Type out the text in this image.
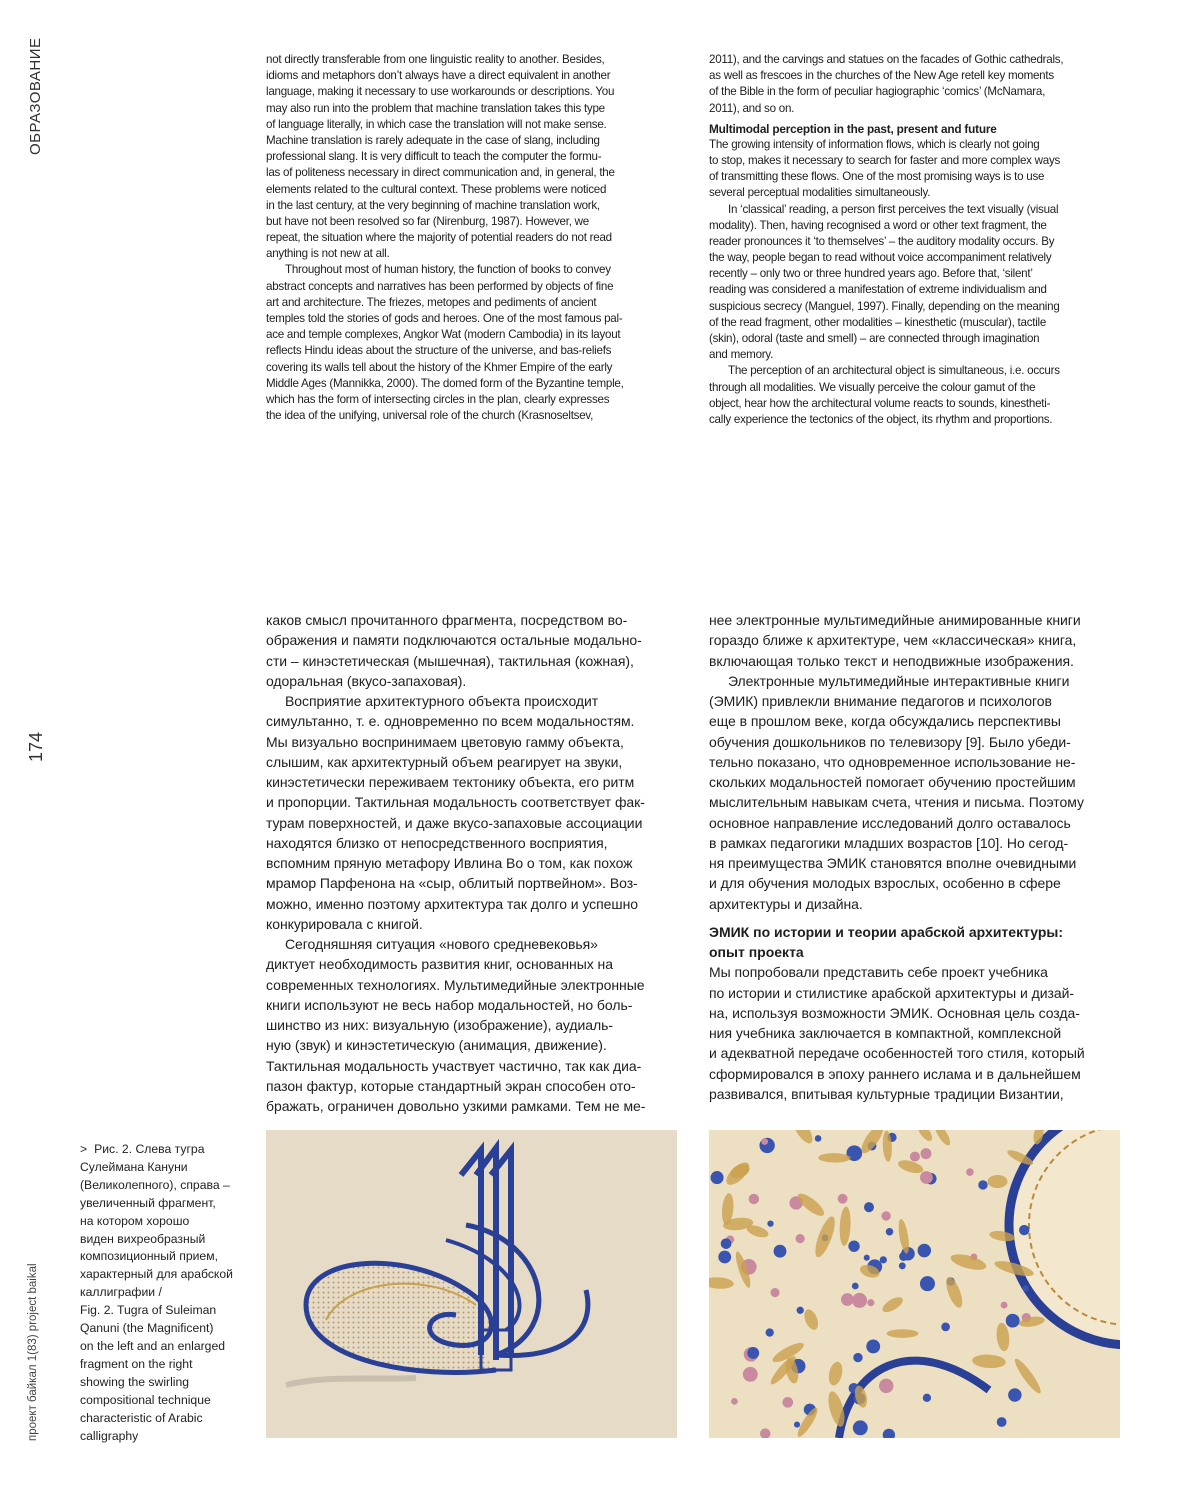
ОБРАЗОВАНИЕ
174
проект байкал 1(83) project baikal
not directly transferable from one linguistic reality to another. Besides,
idioms and metaphors don’t always have a direct equivalent in another
language, making it necessary to use workarounds or descriptions. You
may also run into the problem that machine translation takes this type
of language literally, in which case the translation will not make sense.
Machine translation is rarely adequate in the case of slang, including
professional slang. It is very difficult to teach the computer the formu-
las of politeness necessary in direct communication and, in general, the
elements related to the cultural context. These problems were noticed
in the last century, at the very beginning of machine translation work,
but have not been resolved so far (Nirenburg, 1987). However, we
repeat, the situation where the majority of potential readers do not read
anything is not new at all.
Throughout most of human history, the function of books to convey
abstract concepts and narratives has been performed by objects of fine
art and architecture. The friezes, metopes and pediments of ancient
temples told the stories of gods and heroes. One of the most famous pal-
ace and temple complexes, Angkor Wat (modern Cambodia) in its layout
reflects Hindu ideas about the structure of the universe, and bas-reliefs
covering its walls tell about the history of the Khmer Empire of the early
Middle Ages (Mannikka, 2000). The domed form of the Byzantine temple,
which has the form of intersecting circles in the plan, clearly expresses
the idea of the unifying, universal role of the church (Krasnoseltsev,
2011), and the carvings and statues on the facades of Gothic cathedrals,
as well as frescoes in the churches of the New Age retell key moments
of the Bible in the form of peculiar hagiographic ‘comics’ (McNamara,
2011), and so on.
Multimodal perception in the past, present and future
The growing intensity of information flows, which is clearly not going
to stop, makes it necessary to search for faster and more complex ways
of transmitting these flows. One of the most promising ways is to use
several perceptual modalities simultaneously.
In ‘classical’ reading, a person first perceives the text visually (visual
modality). Then, having recognised a word or other text fragment, the
reader pronounces it ‘to themselves’ – the auditory modality occurs. By
the way, people began to read without voice accompaniment relatively
recently – only two or three hundred years ago. Before that, ‘silent’
reading was considered a manifestation of extreme individualism and
suspicious secrecy (Manguel, 1997). Finally, depending on the meaning
of the read fragment, other modalities – kinesthetic (muscular), tactile
(skin), odoral (taste and smell) – are connected through imagination
and memory.
The perception of an architectural object is simultaneous, i.e. occurs
through all modalities. We visually perceive the colour gamut of the
object, hear how the architectural volume reacts to sounds, kinestheti-
cally experience the tectonics of the object, its rhythm and proportions.
каков смысл прочитанного фрагмента, посредством во-
ображения и памяти подключаются остальные модально-
сти – кинэстетическая (мышечная), тактильная (кожная),
одоральная (вкусо-запаховая).
Восприятие архитектурного объекта происходит
симультанно, т. е. одновременно по всем модальностям.
Мы визуально воспринимаем цветовую гамму объекта,
слышим, как архитектурный объем реагирует на звуки,
кинэстетически переживаем тектонику объекта, его ритм
и пропорции. Тактильная модальность соответствует фак-
турам поверхностей, и даже вкусо-запаховые ассоциации
находятся близко от непосредственного восприятия,
вспомним пряную метафору Ивлина Во о том, как похож
мрамор Парфенона на «сыр, облитый портвейном». Воз-
можно, именно поэтому архитектура так долго и успешно
конкурировала с книгой.
Сегодняшняя ситуация «нового средневековья»
диктует необходимость развития книг, основанных на
современных технологиях. Мультимедийные электронные
книги используют не весь набор модальностей, но боль-
шинство из них: визуальную (изображение), аудиаль-
ную (звук) и кинэстетическую (анимация, движение).
Тактильная модальность участвует частично, так как диа-
пазон фактур, которые стандартный экран способен ото-
бражать, ограничен довольно узкими рамками. Тем не ме-
нее электронные мультимедийные анимированные книги
гораздо ближе к архитектуре, чем «классическая» книга,
включающая только текст и неподвижные изображения.
Электронные мультимедийные интерактивные книги
(ЭМИК) привлекли внимание педагогов и психологов
еще в прошлом веке, когда обсуждались перспективы
обучения дошкольников по телевизору [9]. Было убеди-
тельно показано, что одновременное использование не-
скольких модальностей помогает обучению простейшим
мыслительным навыкам счета, чтения и письма. Поэтому
основное направление исследований долго оставалось
в рамках педагогики младших возрастов [10]. Но сегод-
ня преимущества ЭМИК становятся вполне очевидными
и для обучения молодых взрослых, особенно в сфере
архитектуры и дизайна.
ЭМИК по истории и теории арабской архитектуры:
опыт проекта
Мы попробовали представить себе проект учебника
по истории и стилистике арабской архитектуры и дизай-
на, используя возможности ЭМИК. Основная цель созда-
ния учебника заключается в компактной, комплексной
и адекватной передаче особенностей того стиля, который
сформировался в эпоху раннего ислама и в дальнейшем
развивался, впитывая культурные традиции Византии,
> Рис. 2. Слева тугра
Сулеймана Кануни
(Великолепного), справа –
увеличенный фрагмент,
на котором хорошо
виден вихреобразный
композиционный прием,
характерный для арабской
каллиграфии /
Fig. 2. Tugra of Suleiman
Qanuni (the Magnificent)
on the left and an enlarged
fragment on the right
showing the swirling
compositional technique
characteristic of Arabic
calligraphy
